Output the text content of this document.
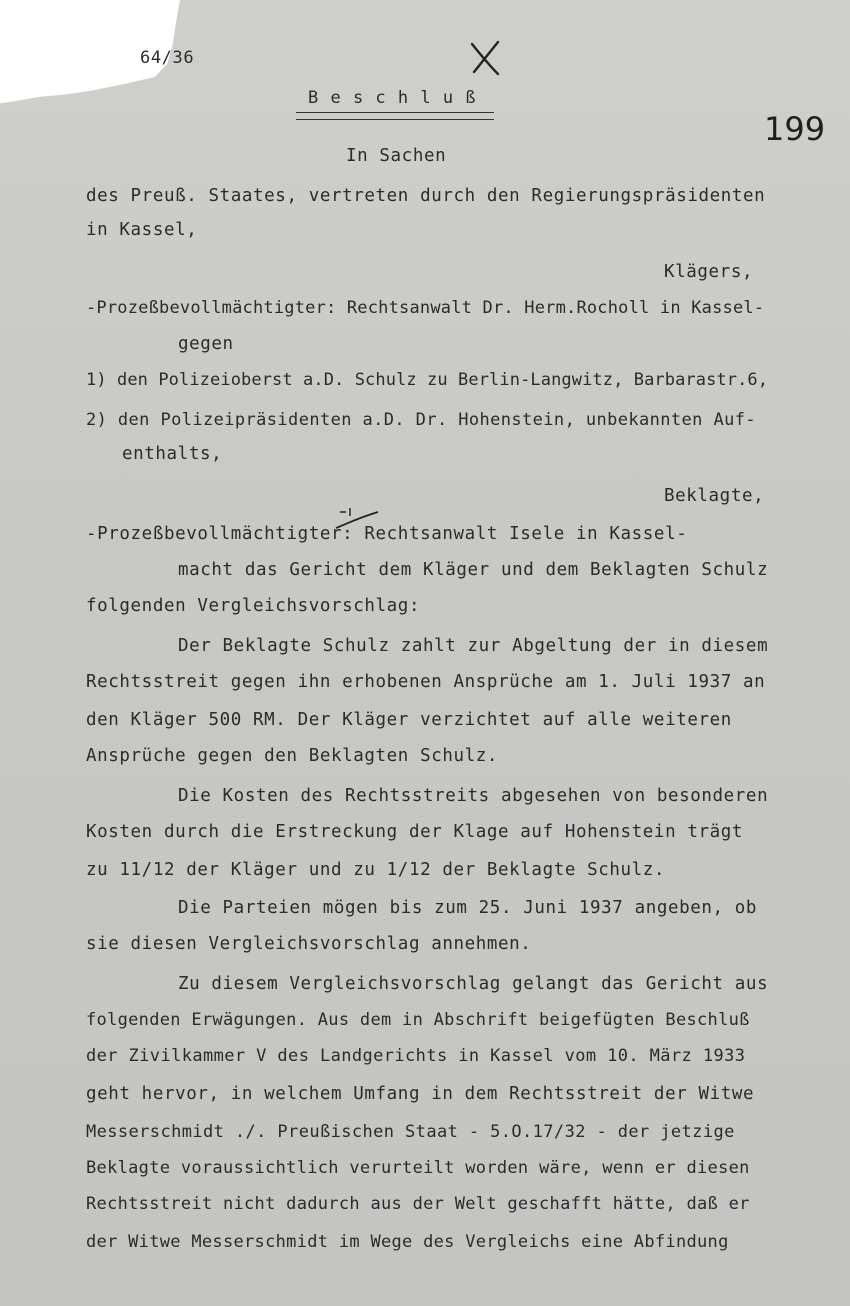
64/36
199
B e s c h l u ß
In Sachen
des Preuß. Staates, vertreten durch den Regierungspräsidenten
in Kassel,
Klägers,
-Prozeßbevollmächtigter: Rechtsanwalt Dr. Herm.Rocholl in Kassel-
gegen
1) den Polizeioberst a.D. Schulz zu Berlin-Langwitz, Barbarastr.6,
2) den Polizeipräsidenten a.D. Dr. Hohenstein, unbekannten Auf-
enthalts,
Beklagte,
-Prozeßbevollmächtigter: Rechtsanwalt Isele in Kassel-
macht das Gericht dem Kläger und dem Beklagten Schulz
folgenden Vergleichsvorschlag:
Der Beklagte Schulz zahlt zur Abgeltung der in diesem
Rechtsstreit gegen ihn erhobenen Ansprüche am 1. Juli 1937 an
den Kläger 500 RM. Der Kläger verzichtet auf alle weiteren
Ansprüche gegen den Beklagten Schulz.
Die Kosten des Rechtsstreits abgesehen von besonderen
Kosten durch die Erstreckung der Klage auf Hohenstein trägt
zu 11/12 der Kläger und zu 1/12 der Beklagte Schulz.
Die Parteien mögen bis zum 25. Juni 1937 angeben, ob
sie diesen Vergleichsvorschlag annehmen.
Zu diesem Vergleichsvorschlag gelangt das Gericht aus
folgenden Erwägungen. Aus dem in Abschrift beigefügten Beschluß
der Zivilkammer V des Landgerichts in Kassel vom 10. März 1933
geht hervor, in welchem Umfang in dem Rechtsstreit der Witwe
Messerschmidt ./. Preußischen Staat - 5.O.17/32 - der jetzige
Beklagte voraussichtlich verurteilt worden wäre, wenn er diesen
Rechtsstreit nicht dadurch aus der Welt geschafft hätte, daß er
der Witwe Messerschmidt im Wege des Vergleichs eine Abfindung
